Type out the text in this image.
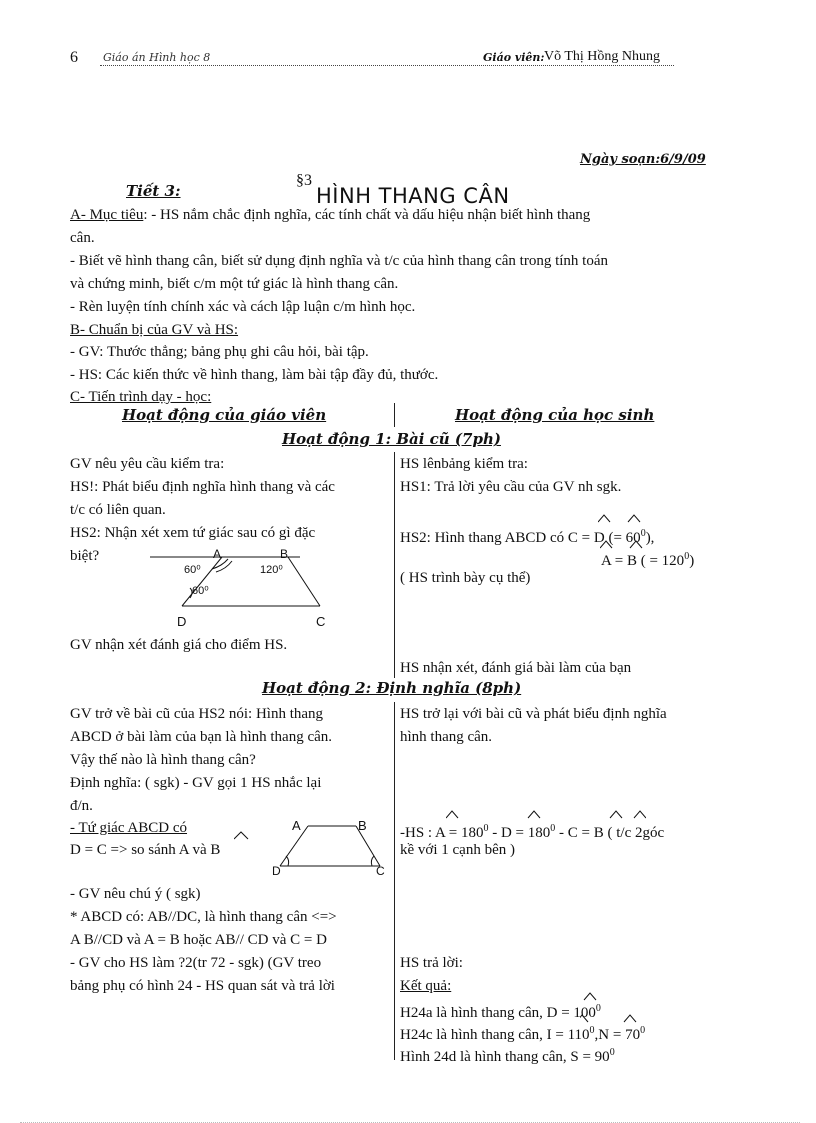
6 Giáo án Hình học 8	Giáo viên: Võ Thị Hồng Nhung
Ngày soạn:6/9/09
Tiết 3:
§3
HÌNH THANG CÂN
A- Mục tiêu: - HS nắm chắc định nghĩa, các tính chất và dấu hiệu nhận biết hình thang
cân.
- Biết vẽ hình thang cân, biết sử dụng định nghĩa và t/c của hình thang cân trong tính toán
và chứng minh, biết c/m một tứ giác là hình thang cân.
- Rèn luyện tính chính xác và cách lập luận c/m hình học.
B- Chuẩn bị của GV và HS:
- GV: Thước thẳng; bảng phụ ghi câu hỏi, bài tập.
- HS: Các kiến thức về hình thang, làm bài tập đầy đủ, thước.
C- Tiến trình dạy - học:
Hoạt động của giáo viên	Hoạt động của học sinh
Hoạt động 1: Bài cũ (7ph)
GV nêu yêu cầu kiểm tra:
HS!: Phát biểu định nghĩa hình thang và các
t/c có liên quan.
HS2: Nhận xét xem tứ giác sau có gì đặc
biệt?	A	B
60⁰	120⁰
60⁰
D	C
GV nhận xét đánh giá cho điểm HS.
HS lênbảng kiểm tra:
HS1: Trả lời yêu cầu của GV nh sgk.
HS2: Hình thang ABCD có C = D (= $60^0$),
A = B ( = $120^0$)
( HS trình bày cụ thể)
HS nhận xét, đánh giá bài làm của bạn
Hoạt động 2: Định nghĩa (8ph)
GV trở về bài cũ của HS2 nói: Hình thang
ABCD ở bài làm của bạn là hình thang cân.
Vậy thế nào là hình thang cân?
Định nghĩa: ( sgk) - GV gọi 1 HS nhắc lại
đ/n.
- Tứ giác ABCD có
D = C => so sánh A và B
A	B
D	C
- GV nêu chú ý ( sgk)
* ABCD có: AB//DC, là hình thang cân <=>
A B//CD và A = B hoặc AB// CD và C = D
- GV cho HS làm ?2(tr 72 - sgk) (GV treo
bảng phụ có hình 24 - HS quan sát và trả lời
HS trở lại với bài cũ và phát biểu định nghĩa
hình thang cân.
-HS : $A = 180^0 - D = 180^0 - C = B$ ( t/c 2góc
kề với 1 cạnh bên )
HS trả lời:
Kết quả:
H24a là hình thang cân, $D = 100^0$
H24c là hình thang cân, $I = 110^0,N = 70^0$
Hình 24d là hình thang cân, $S = 90^0$
